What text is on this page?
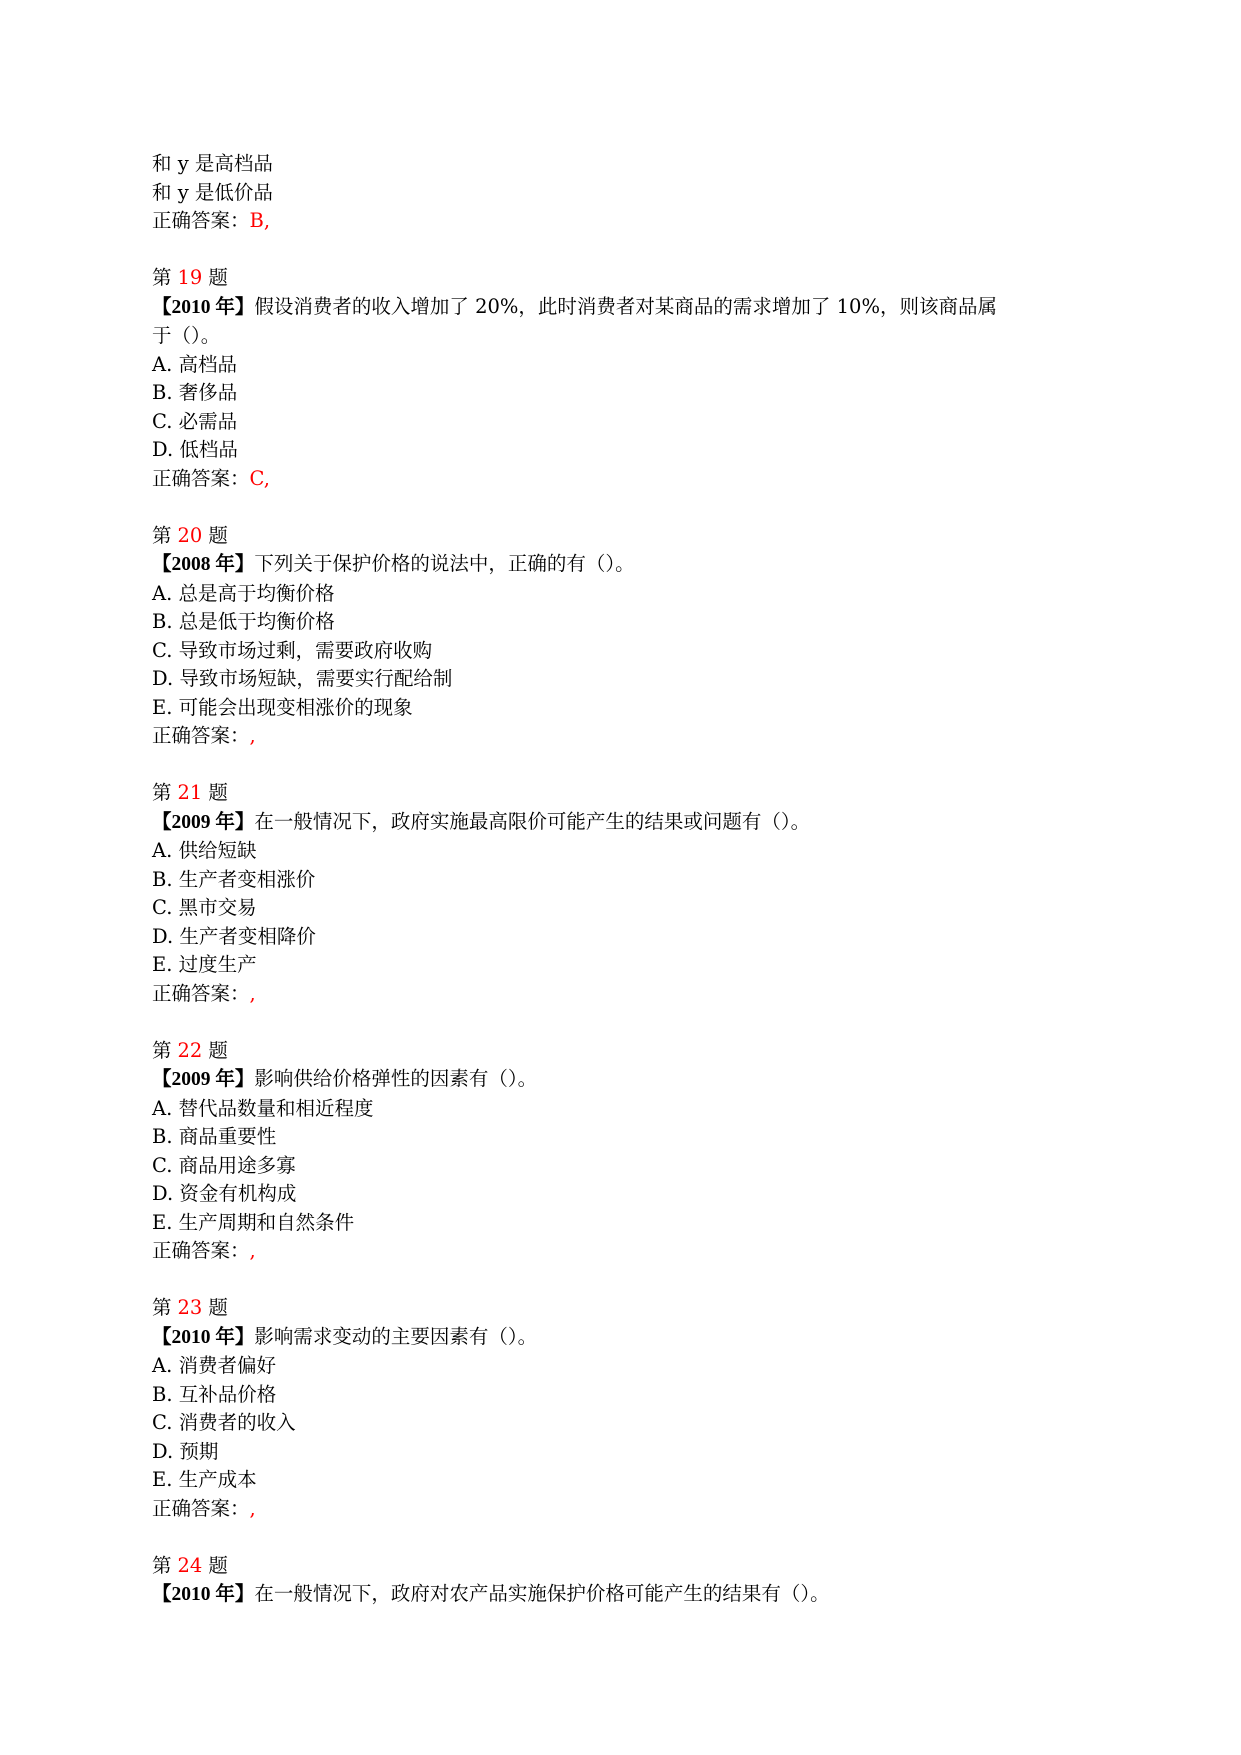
和 y 是高档品
和 y 是低价品
正确答案：B,
第 19 题
【2010 年】假设消费者的收入增加了 20%，此时消费者对某商品的需求增加了 10%，则该商品属
于（）。
A. 高档品
B. 奢侈品
C. 必需品
D. 低档品
正确答案：C,
第 20 题
【2008 年】下列关于保护价格的说法中，正确的有（）。
A. 总是高于均衡价格
B. 总是低于均衡价格
C. 导致市场过剩，需要政府收购
D. 导致市场短缺，需要实行配给制
E. 可能会出现变相涨价的现象
正确答案：,
第 21 题
【2009 年】在一般情况下，政府实施最高限价可能产生的结果或问题有（）。
A. 供给短缺
B. 生产者变相涨价
C. 黑市交易
D. 生产者变相降价
E. 过度生产
正确答案：,
第 22 题
【2009 年】影响供给价格弹性的因素有（）。
A. 替代品数量和相近程度
B. 商品重要性
C. 商品用途多寡
D. 资金有机构成
E. 生产周期和自然条件
正确答案：,
第 23 题
【2010 年】影响需求变动的主要因素有（）。
A. 消费者偏好
B. 互补品价格
C. 消费者的收入
D. 预期
E. 生产成本
正确答案：,
第 24 题
【2010 年】在一般情况下，政府对农产品实施保护价格可能产生的结果有（）。
